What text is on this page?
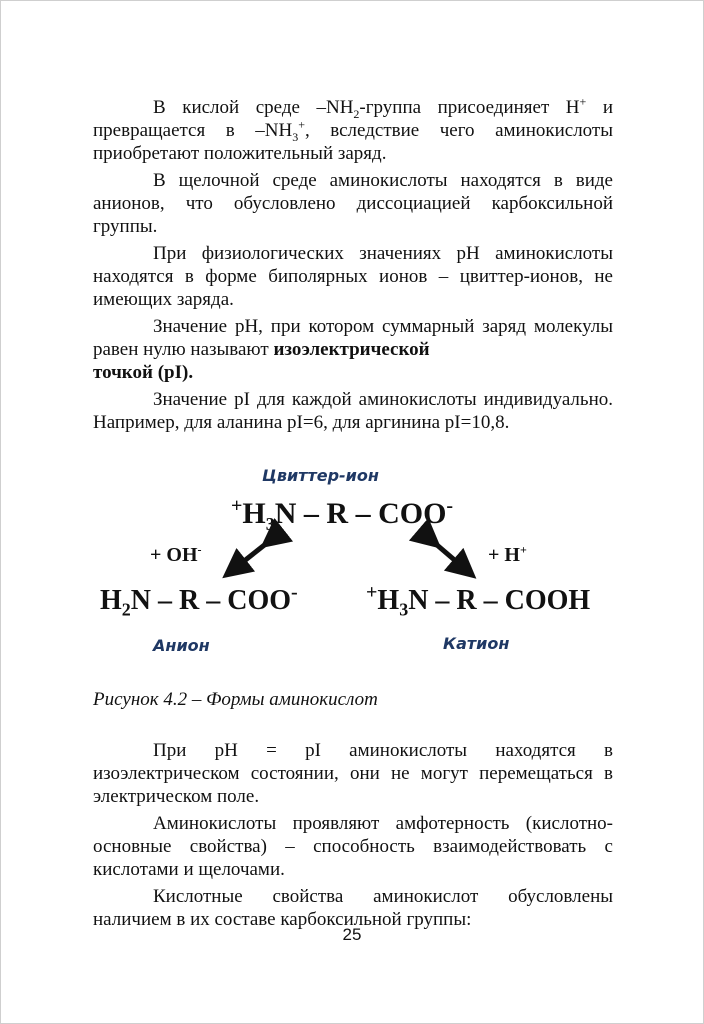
В кислой среде $-NH_2$-группа присоединяет Н+ и превращается в $-NH_3^+$, вследствие чего аминокислоты приобретают положительный заряд.

В щелочной среде аминокислоты находятся в виде анионов, что обусловлено диссоциацией карбоксильной группы.

При физиологических значениях рН аминокислоты находятся в форме биполярных ионов – цвиттер-ионов, не имеющих заряда.

Значение рН, при котором суммарный заряд молекулы равен нулю называют изоэлектрической
точкой (pI).

Значение pI для каждой аминокислоты индивидуально. Например, для аланина pI=6, для аргинина pI=10,8.

Цвиттер-ион
$^+H_3N$ – R – COO-
+ OH-	+ H+
$H_2N$ – R – COO-	$^+H_3N$ – R – COOH
Анион	Катион
Рисунок 4.2 – Формы аминокислот

При рН = pI аминокислоты находятся в изоэлектрическом состоянии, они не могут перемещаться в электрическом поле.

Аминокислоты проявляют амфотерность (кислотно-основные свойства) – способность взаимодействовать с кислотами и щелочами.

Кислотные свойства аминокислот обусловлены наличием в их составе карбоксильной группы:

25
